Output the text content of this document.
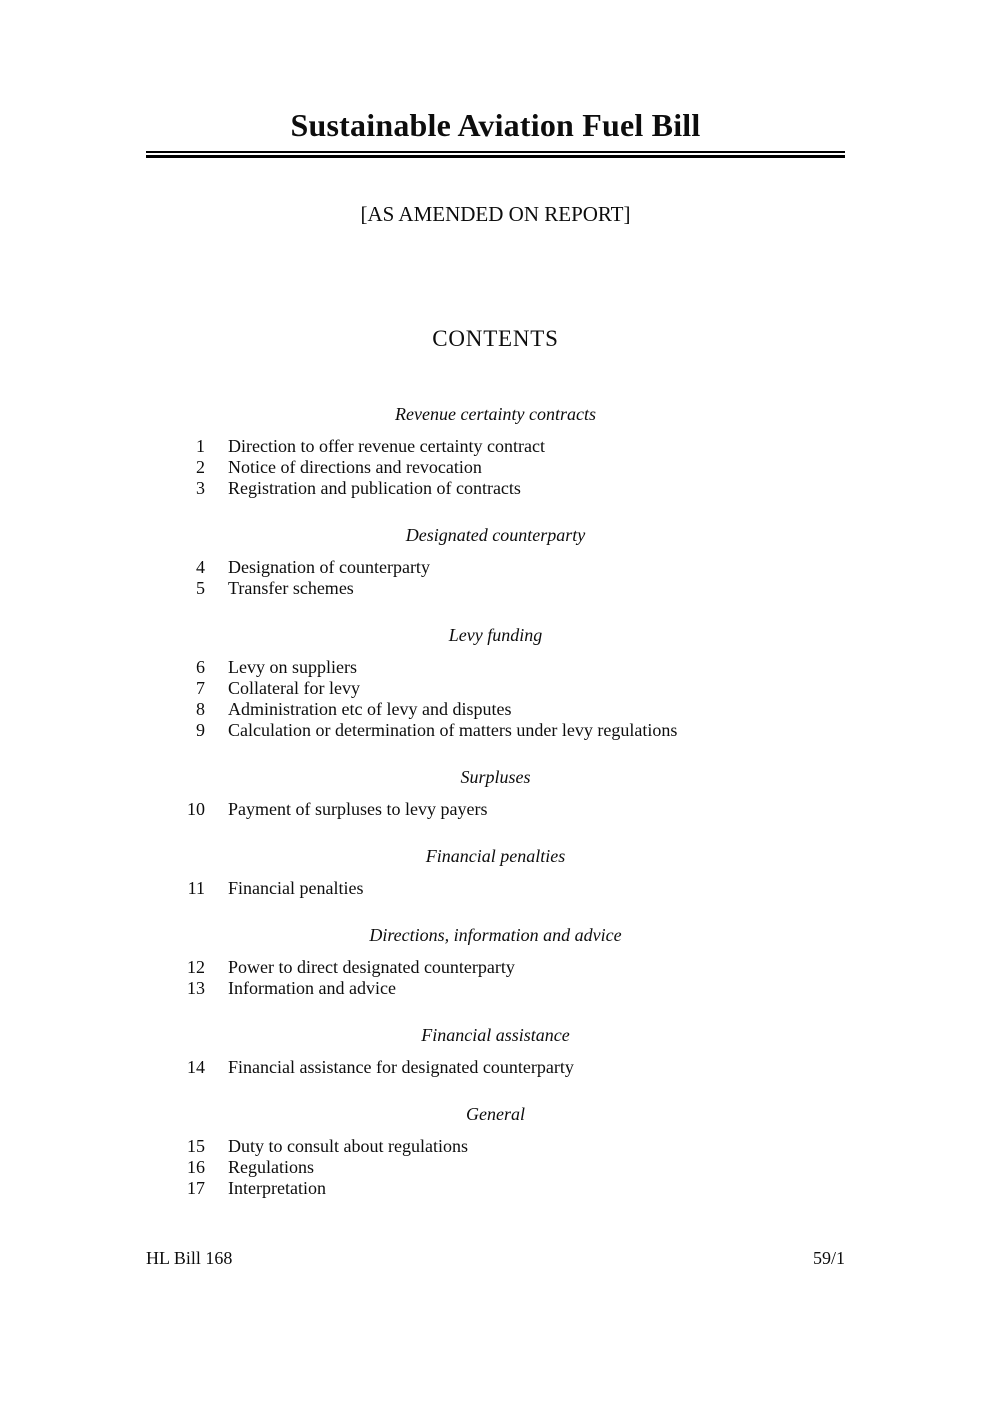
Sustainable Aviation Fuel Bill
[AS AMENDED ON REPORT]
CONTENTS
Revenue certainty contracts
1	Direction to offer revenue certainty contract
2	Notice of directions and revocation
3	Registration and publication of contracts
Designated counterparty
4	Designation of counterparty
5	Transfer schemes
Levy funding
6	Levy on suppliers
7	Collateral for levy
8	Administration etc of levy and disputes
9	Calculation or determination of matters under levy regulations
Surpluses
10	Payment of surpluses to levy payers
Financial penalties
11	Financial penalties
Directions, information and advice
12	Power to direct designated counterparty
13	Information and advice
Financial assistance
14	Financial assistance for designated counterparty
General
15	Duty to consult about regulations
16	Regulations
17	Interpretation
HL Bill 168	59/1
